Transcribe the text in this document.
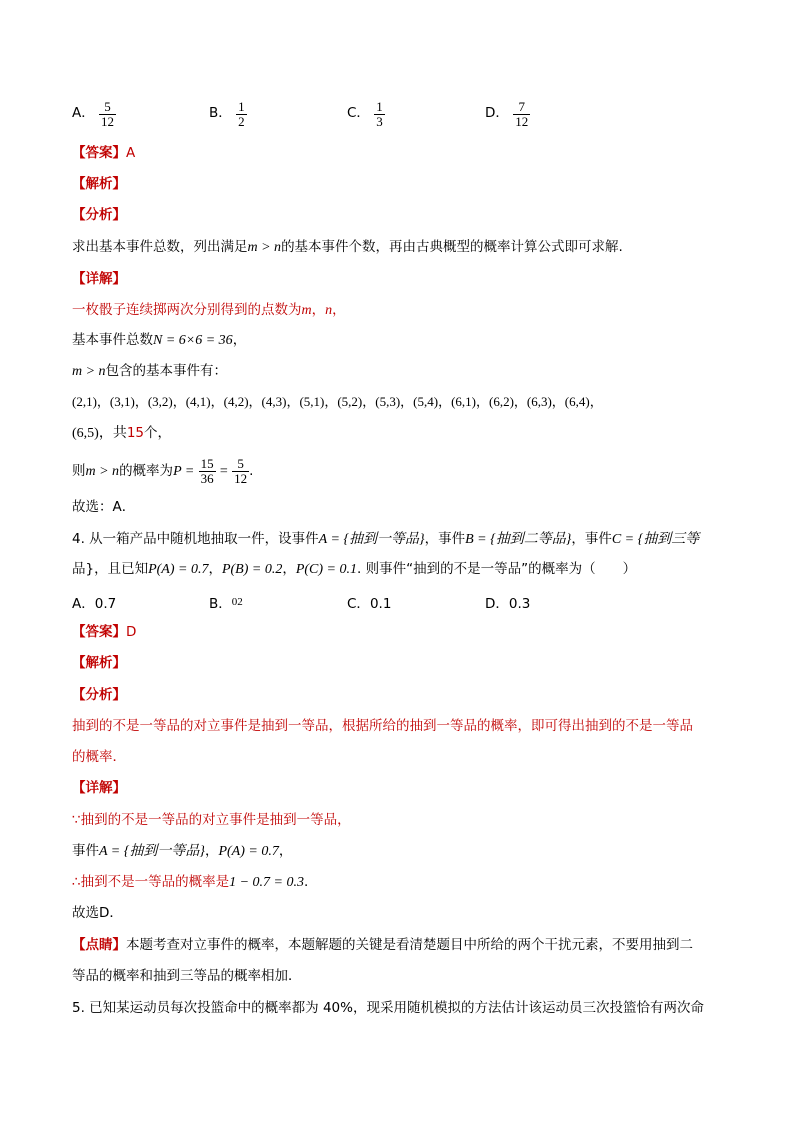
A． $\frac{5}{12}$	B． $\frac{1}{2}$	C． $\frac{1}{3}$	D． $\frac{7}{12}$
【答案】A
【解析】
【分析】
求出基本事件总数，列出满足m > n的基本事件个数，再由古典概型的概率计算公式即可求解.
【详解】
一枚骰子连续掷两次分别得到的点数为m，n，
基本事件总数N = 6×6 = 36，
m > n包含的基本事件有：
(2,1)，(3,1)，(3,2)，(4,1)，(4,2)，(4,3)，(5,1)，(5,2)，(5,3)，(5,4)，(6,1)，(6,2)，(6,3)，(6,4)，
(6,5)，共15个，
则m > n的概率为$P = \frac{15}{36} = \frac{5}{12}$ .
故选：A．
4. 从一箱产品中随机地抽取一件，设事件A = {抽到一等品}，事件B = {抽到二等品}，事件C = {抽到三等
品}，且已知P(A) = 0.7，P(B) = 0.2，P(C) = 0.1. 则事件“抽到的不是一等品”的概率为（　　）
A．0.7	B．$^{02}$	C．0.1	D．0.3
【答案】D
【解析】
【分析】
抽到的不是一等品的对立事件是抽到一等品，根据所给的抽到一等品的概率，即可得出抽到的不是一等品
的概率．
【详解】
∵抽到的不是一等品的对立事件是抽到一等品，
事件A = {抽到一等品}，P(A) = 0.7，
∴抽到不是一等品的概率是1 − 0.7 = 0.3.
故选D．
【点睛】本题考查对立事件的概率，本题解题的关键是看清楚题目中所给的两个干扰元素，不要用抽到二
等品的概率和抽到三等品的概率相加．
5. 已知某运动员每次投篮命中的概率都为 40%，现采用随机模拟的方法估计该运动员三次投篮恰有两次命
